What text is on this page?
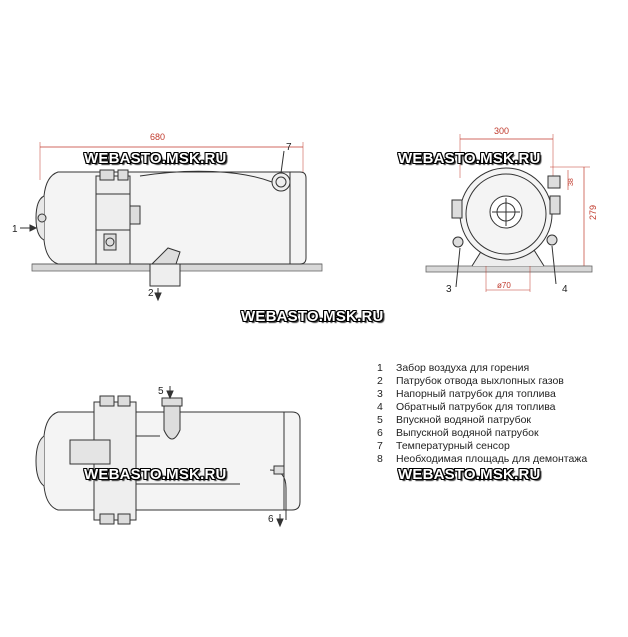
680
1
2
7
300
279
38
ø70
3	4
5
6
WEBASTO.MSK.RU	WEBASTO.MSK.RU
WEBASTO.MSK.RU
WEBASTO.MSK.RU	WEBASTO.MSK.RU
1 Забор воздуха для горения
2 Патрубок отвода выхлопных газов
3 Напорный патрубок для топлива
4 Обратный патрубок для топлива
5 Впускной водяной патрубок
6 Выпускной водяной патрубок
7 Температурный сенсор
8 Необходимая площадь для демонтажа
